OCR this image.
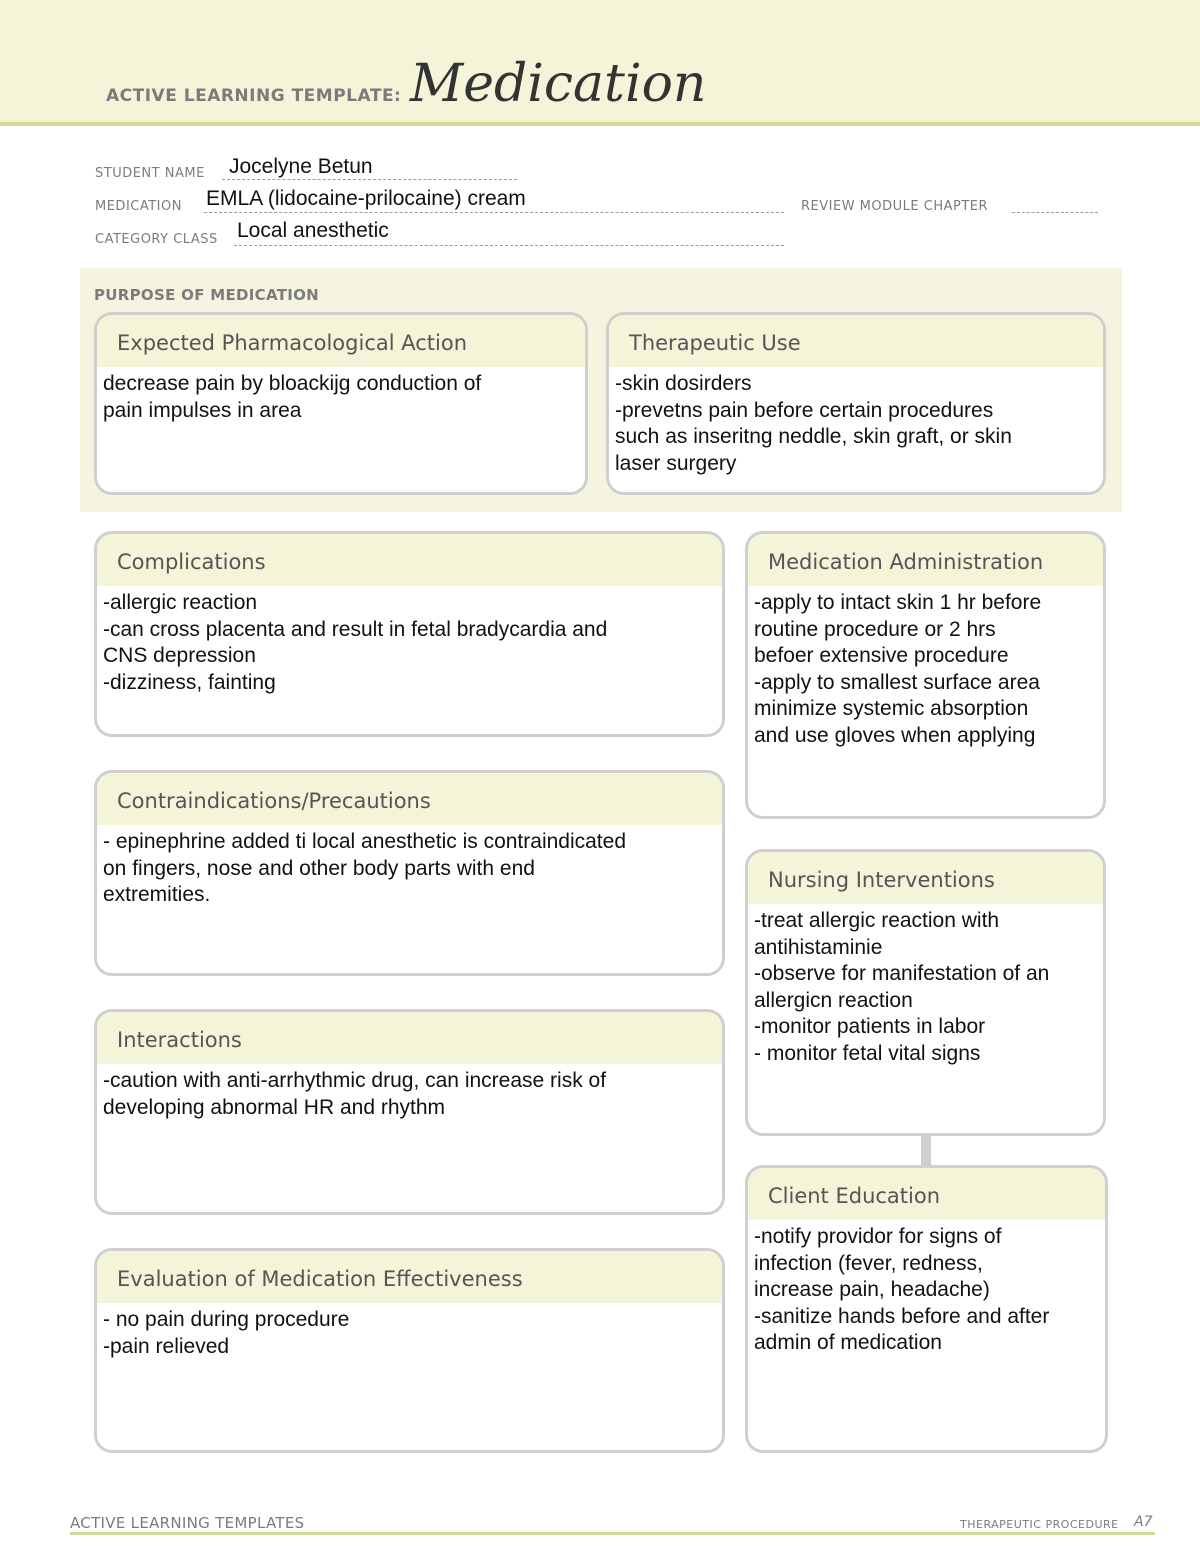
ACTIVE LEARNING TEMPLATE: Medication
STUDENT NAME Jocelyne Betun
MEDICATION EMLA (lidocaine-prilocaine) cream	REVIEW MODULE CHAPTER
CATEGORY CLASS Local anesthetic
PURPOSE OF MEDICATION
Expected Pharmacological Action
decrease pain by bloackijg conduction of
pain impulses in area
Therapeutic Use
-skin dosirders
-prevetns pain before certain procedures
such as inseritng neddle, skin graft, or skin
laser surgery
Complications
-allergic reaction
-can cross placenta and result in fetal bradycardia and
CNS depression
-dizziness, fainting
Contraindications/Precautions
- epinephrine added ti local anesthetic is contraindicated
on fingers, nose and other body parts with end
extremities.
Interactions
-caution with anti-arrhythmic drug, can increase risk of
developing abnormal HR and rhythm
Evaluation of Medication Effectiveness
- no pain during procedure
-pain relieved
Medication Administration
-apply to intact skin 1 hr before
routine procedure or 2 hrs
befoer extensive procedure
-apply to smallest surface area
minimize systemic absorption
and use gloves when applying
Nursing Interventions
-treat allergic reaction with
antihistaminie
-observe for manifestation of an
allergicn reaction
-monitor patients in labor
- monitor fetal vital signs
Client Education
-notify providor for signs of
infection (fever, redness,
increase pain, headache)
-sanitize hands before and after
admin of medication
ACTIVE LEARNING TEMPLATES	THERAPEUTIC PROCEDURE A7
